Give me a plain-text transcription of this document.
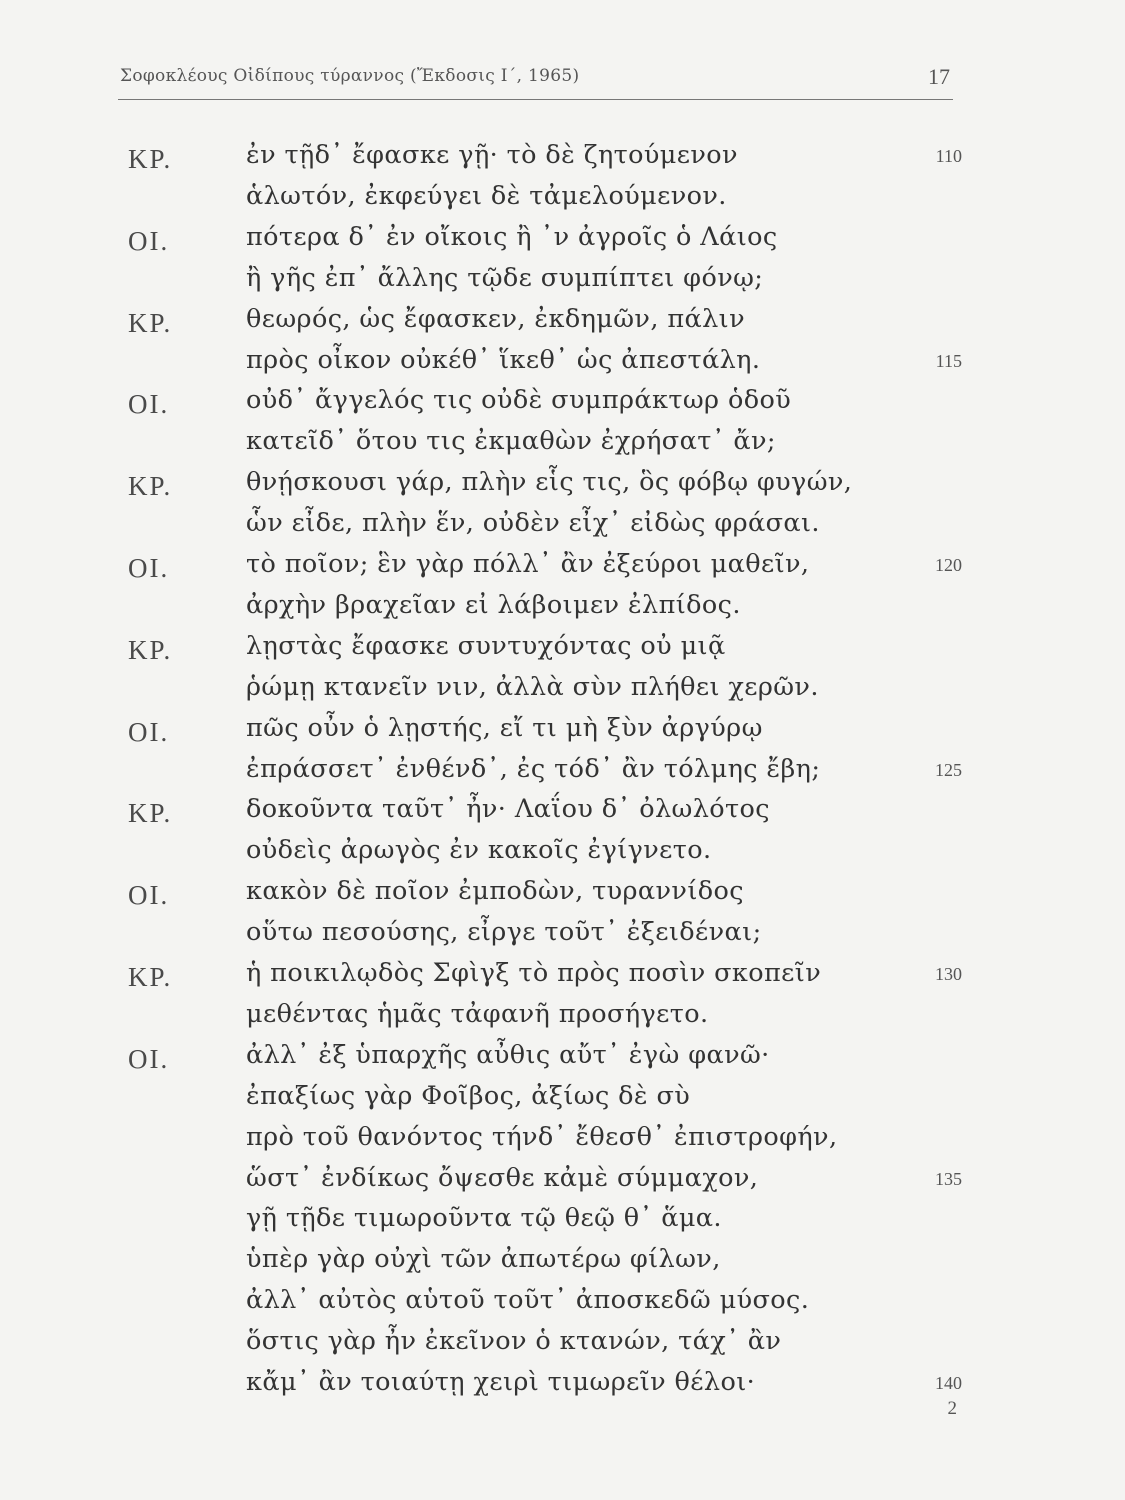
Σοφοκλέους Οἰδίπους τύραννος (Ἔκδοσις Ι΄, 1965)	17
ΚΡ.	ἐν τῇδ᾽ ἔφασκε γῇ· τὸ δὲ ζητούμενον	110
ἁλωτόν, ἐκφεύγει δὲ τἀμελούμενον.
ΟΙ.	πότερα δ᾽ ἐν οἴκοις ἢ ᾽ν ἀγροῖς ὁ Λάιος
ἢ γῆς ἐπ᾽ ἄλλης τῷδε συμπίπτει φόνῳ;
ΚΡ.	θεωρός, ὡς ἔφασκεν, ἐκδημῶν, πάλιν
πρὸς οἶκον οὐκέθ᾽ ἵκεθ᾽ ὡς ἀπεστάλη.	115
ΟΙ.	οὐδ᾽ ἄγγελός τις οὐδὲ συμπράκτωρ ὁδοῦ
κατεῖδ᾽ ὅτου τις ἐκμαθὼν ἐχρήσατ᾽ ἄν;
ΚΡ.	θνῄσκουσι γάρ, πλὴν εἷς τις, ὃς φόβῳ φυγών,
ὧν εἶδε, πλὴν ἕν, οὐδὲν εἶχ᾽ εἰδὼς φράσαι.
ΟΙ.	τὸ ποῖον; ἓν γὰρ πόλλ᾽ ἂν ἐξεύροι μαθεῖν,	120
ἀρχὴν βραχεῖαν εἰ λάβοιμεν ἐλπίδος.
ΚΡ.	λῃστὰς ἔφασκε συντυχόντας οὐ μιᾷ
ῥώμῃ κτανεῖν νιν, ἀλλὰ σὺν πλήθει χερῶν.
ΟΙ.	πῶς οὖν ὁ λῃστής, εἴ τι μὴ ξὺν ἀργύρῳ
ἐπράσσετ᾽ ἐνθένδ᾽, ἐς τόδ᾽ ἂν τόλμης ἔβη;	125
ΚΡ.	δοκοῦντα ταῦτ᾽ ἦν· Λαΐου δ᾽ ὀλωλότος
οὐδεὶς ἀρωγὸς ἐν κακοῖς ἐγίγνετο.
ΟΙ.	κακὸν δὲ ποῖον ἐμποδὼν, τυραννίδος
οὕτω πεσούσης, εἶργε τοῦτ᾽ ἐξειδέναι;
ΚΡ.	ἡ ποικιλῳδὸς Σφὶγξ τὸ πρὸς ποσὶν σκοπεῖν	130
μεθέντας ἡμᾶς τἀφανῆ προσήγετο.
ΟΙ.	ἀλλ᾽ ἐξ ὑπαρχῆς αὖθις αὔτ᾽ ἐγὼ φανῶ·
ἐπαξίως γὰρ Φοῖβος, ἀξίως δὲ σὺ
πρὸ τοῦ θανόντος τήνδ᾽ ἔθεσθ᾽ ἐπιστροφήν,
ὥστ᾽ ἐνδίκως ὄψεσθε κἀμὲ σύμμαχον,	135
γῇ τῇδε τιμωροῦντα τῷ θεῷ θ᾽ ἅμα.
ὑπὲρ γὰρ οὐχὶ τῶν ἀπωτέρω φίλων,
ἀλλ᾽ αὐτὸς αὑτοῦ τοῦτ᾽ ἀποσκεδῶ μύσος.
ὅστις γὰρ ἦν ἐκεῖνον ὁ κτανών, τάχ᾽ ἂν
κἄμ᾽ ἂν τοιαύτῃ χειρὶ τιμωρεῖν θέλοι·	140
2
